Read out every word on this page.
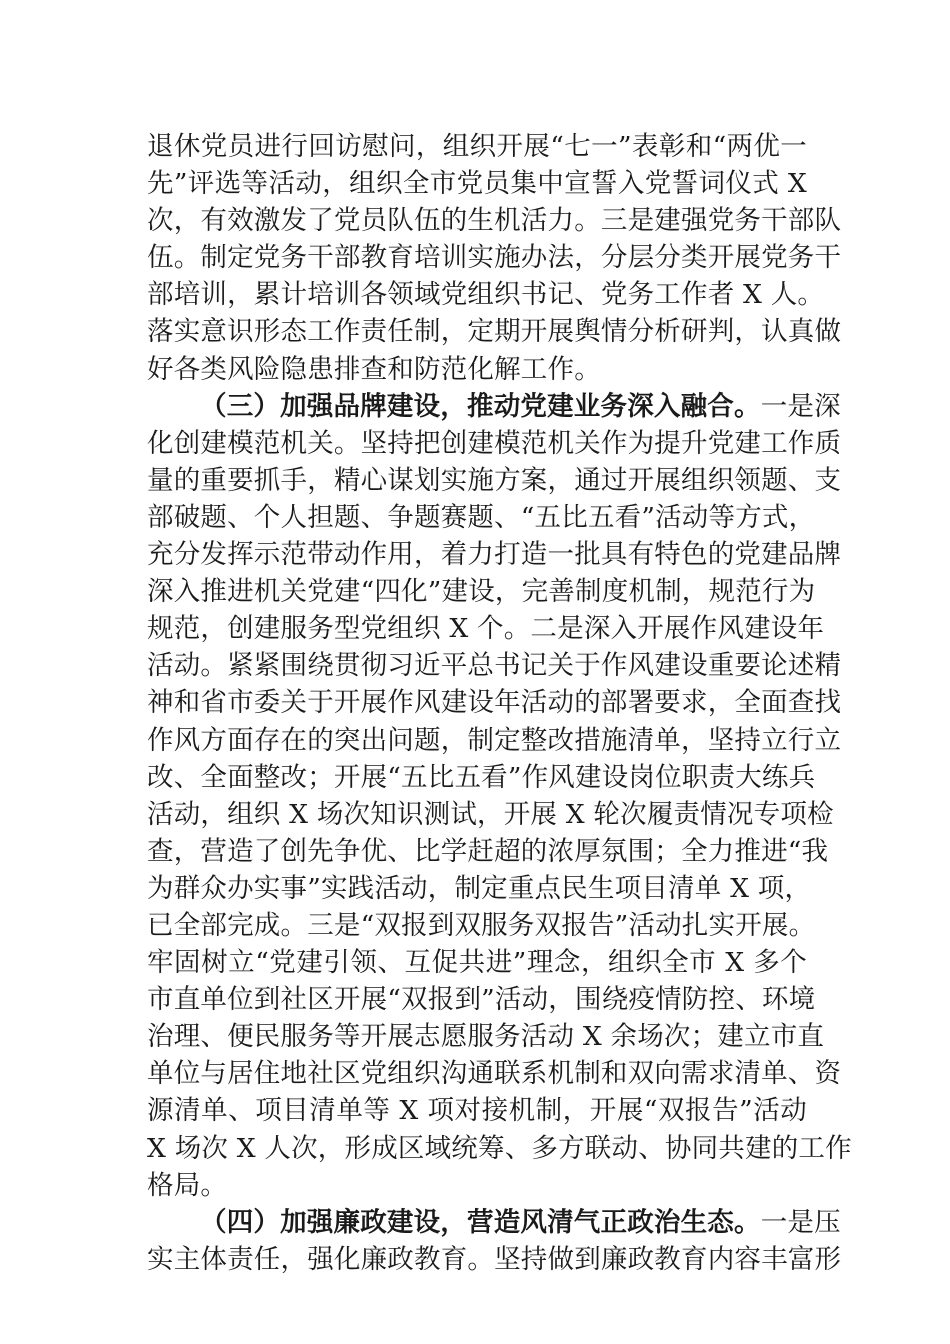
退休党员进行回访慰问，组织开展“七一”表彰和“两优一
先”评选等活动，组织全市党员集中宣誓入党誓词仪式 X
次，有效激发了党员队伍的生机活力。三是建强党务干部队
伍。制定党务干部教育培训实施办法，分层分类开展党务干
部培训，累计培训各领域党组织书记、党务工作者 X 人。
落实意识形态工作责任制，定期开展舆情分析研判，认真做
好各类风险隐患排查和防范化解工作。
（三）加强品牌建设，推动党建业务深入融合。一是深
化创建模范机关。坚持把创建模范机关作为提升党建工作质
量的重要抓手，精心谋划实施方案，通过开展组织领题、支
部破题、个人担题、争题赛题、“五比五看”活动等方式，
充分发挥示范带动作用，着力打造一批具有特色的党建品牌
深入推进机关党建“四化”建设，完善制度机制，规范行为
规范，创建服务型党组织 X 个。二是深入开展作风建设年
活动。紧紧围绕贯彻习近平总书记关于作风建设重要论述精
神和省市委关于开展作风建设年活动的部署要求，全面查找
作风方面存在的突出问题，制定整改措施清单，坚持立行立
改、全面整改；开展“五比五看”作风建设岗位职责大练兵
活动，组织 X 场次知识测试，开展 X 轮次履责情况专项检
查，营造了创先争优、比学赶超的浓厚氛围；全力推进“我
为群众办实事”实践活动，制定重点民生项目清单 X 项，
已全部完成。三是“双报到双服务双报告”活动扎实开展。
牢固树立“党建引领、互促共进”理念，组织全市 X 多个
市直单位到社区开展“双报到”活动，围绕疫情防控、环境
治理、便民服务等开展志愿服务活动 X 余场次；建立市直
单位与居住地社区党组织沟通联系机制和双向需求清单、资
源清单、项目清单等 X 项对接机制，开展“双报告”活动
X 场次 X 人次，形成区域统筹、多方联动、协同共建的工作
格局。
（四）加强廉政建设，营造风清气正政治生态。一是压
实主体责任，强化廉政教育。坚持做到廉政教育内容丰富形
